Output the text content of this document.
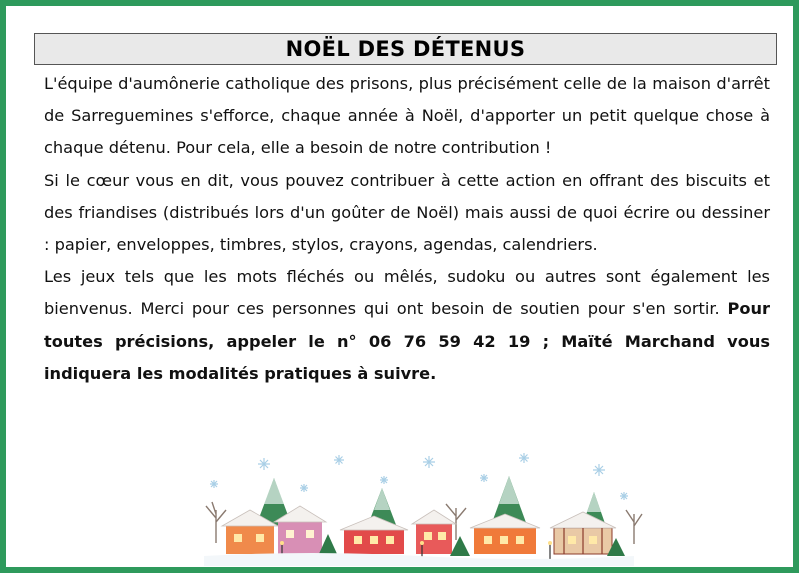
NOËL DES DÉTENUS

L'équipe d'aumônerie catholique des prisons, plus précisément celle de la maison d'arrêt de Sarreguemines s'efforce, chaque année à Noël, d'apporter un petit quelque chose à chaque détenu. Pour cela, elle a besoin de notre contribution !

Si le cœur vous en dit, vous pouvez contribuer à cette action en offrant des biscuits et des friandises (distribués lors d'un goûter de Noël) mais aussi de quoi écrire ou dessiner : papier, enveloppes, timbres, stylos, crayons, agendas, calendriers.

Les jeux tels que les mots fléchés ou mêlés, sudoku ou autres sont également les bienvenus. Merci pour ces personnes qui ont besoin de soutien pour s'en sortir. Pour toutes précisions, appeler le n° 06 76 59 42 19 ; Maïté Marchand vous indiquera les modalités pratiques à suivre.
